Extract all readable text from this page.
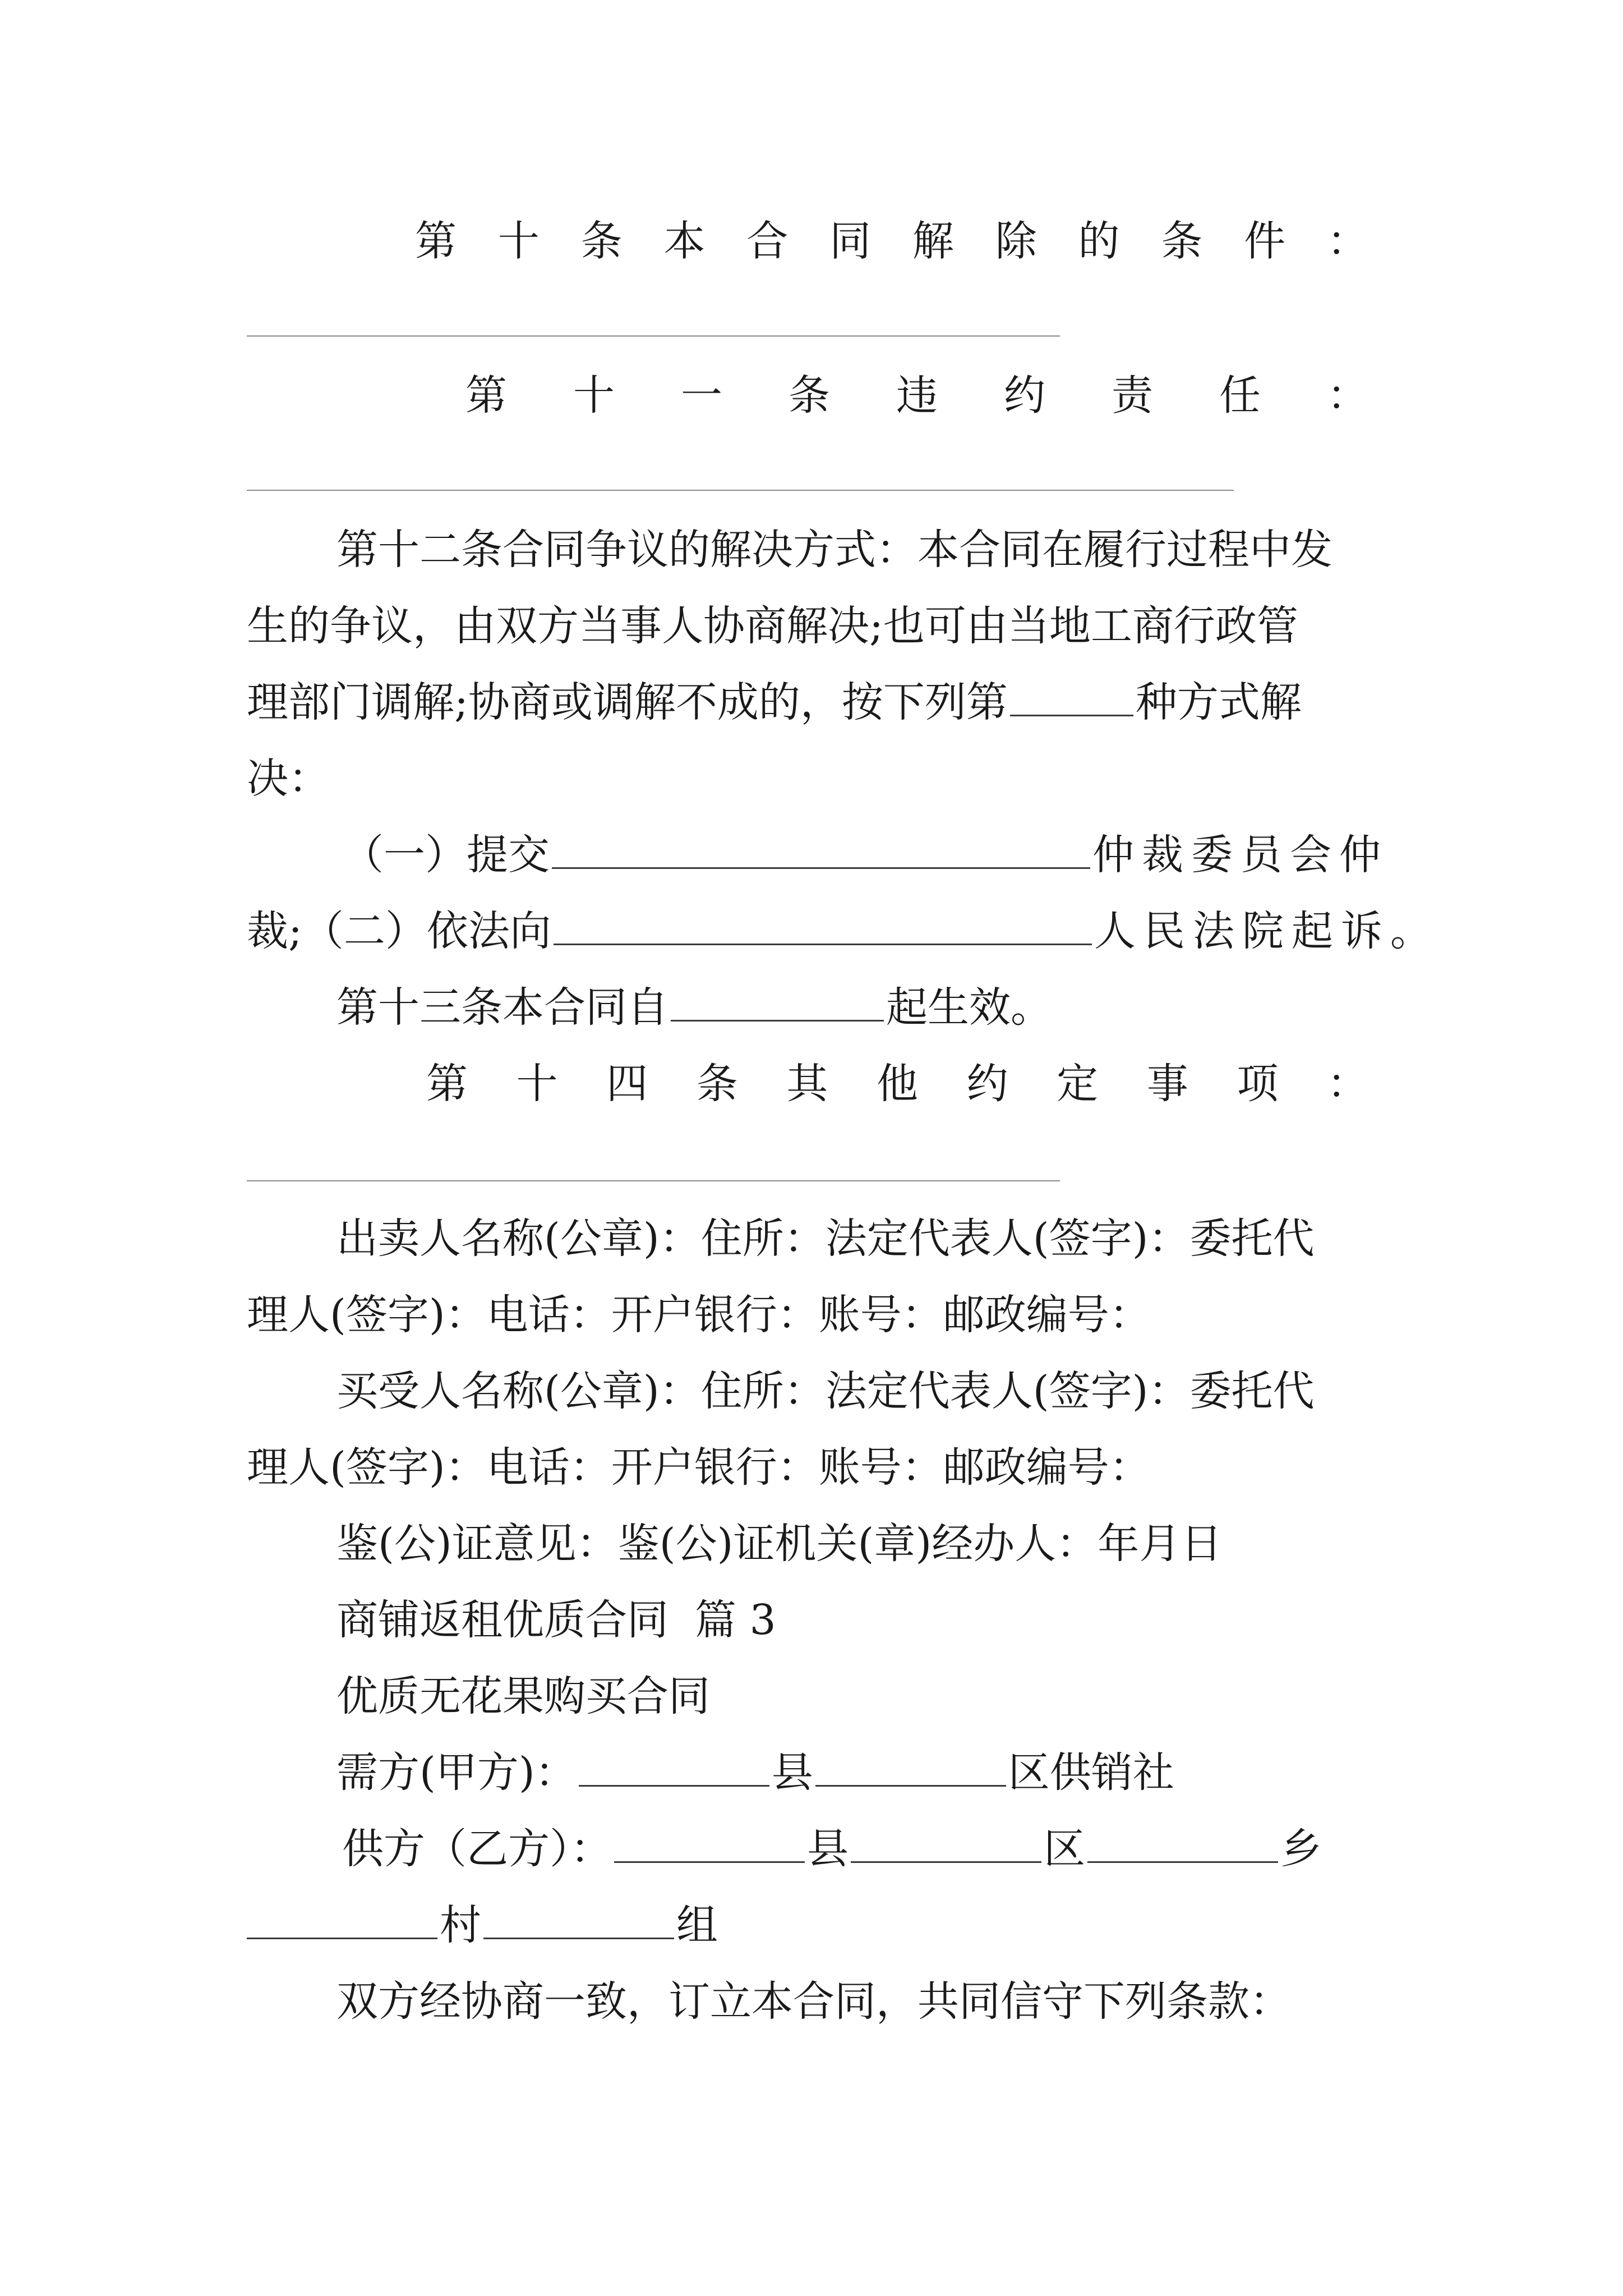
第 十 条 本 合 同 解 除 的 条 件 ：
第 十 一 条 违 约 责 任 ：
第十二条合同争议的解决方式：本合同在履行过程中发
生的争议，由双方当事人协商解决;也可由当地工商行政管
理部门调解;协商或调解不成的，按下列第	种方式解
决：
（一）提交	仲裁委员会仲
裁;（二）依法向	人民法院起诉。
第十三条本合同自	起生效。
第 十 四 条 其 他 约 定 事 项 ：
出卖人名称(公章)：住所：法定代表人(签字)：委托代
理人(签字)：电话：开户银行：账号：邮政编号：
买受人名称(公章)：住所：法定代表人(签字)：委托代
理人(签字)：电话：开户银行：账号：邮政编号：
鉴(公)证意见：鉴(公)证机关(章)经办人：年月日
商铺返租优质合同  篇 3
优质无花果购买合同
需方(甲方)：	县	区供销社
供方（乙方）：	县	区	乡
村	组
双方经协商一致，订立本合同，共同信守下列条款：
